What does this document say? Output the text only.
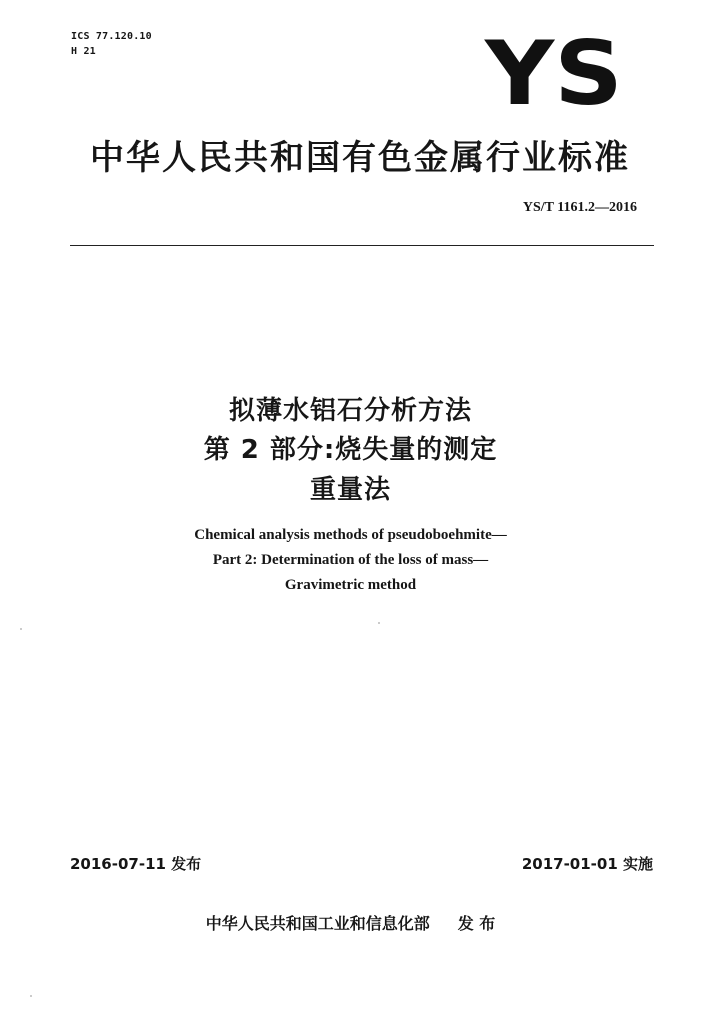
ICS 77.120.10
H 21	YS
中华人民共和国有色金属行业标准
YS/T 1161.2—2016
拟薄水铝石分析方法
第 2 部分:烧失量的测定
重量法
Chemical analysis methods of pseudoboehmite—
Part 2: Determination of the loss of mass—
Gravimetric method
2016-07-11 发布	2017-01-01 实施
中华人民共和国工业和信息化部 发 布
